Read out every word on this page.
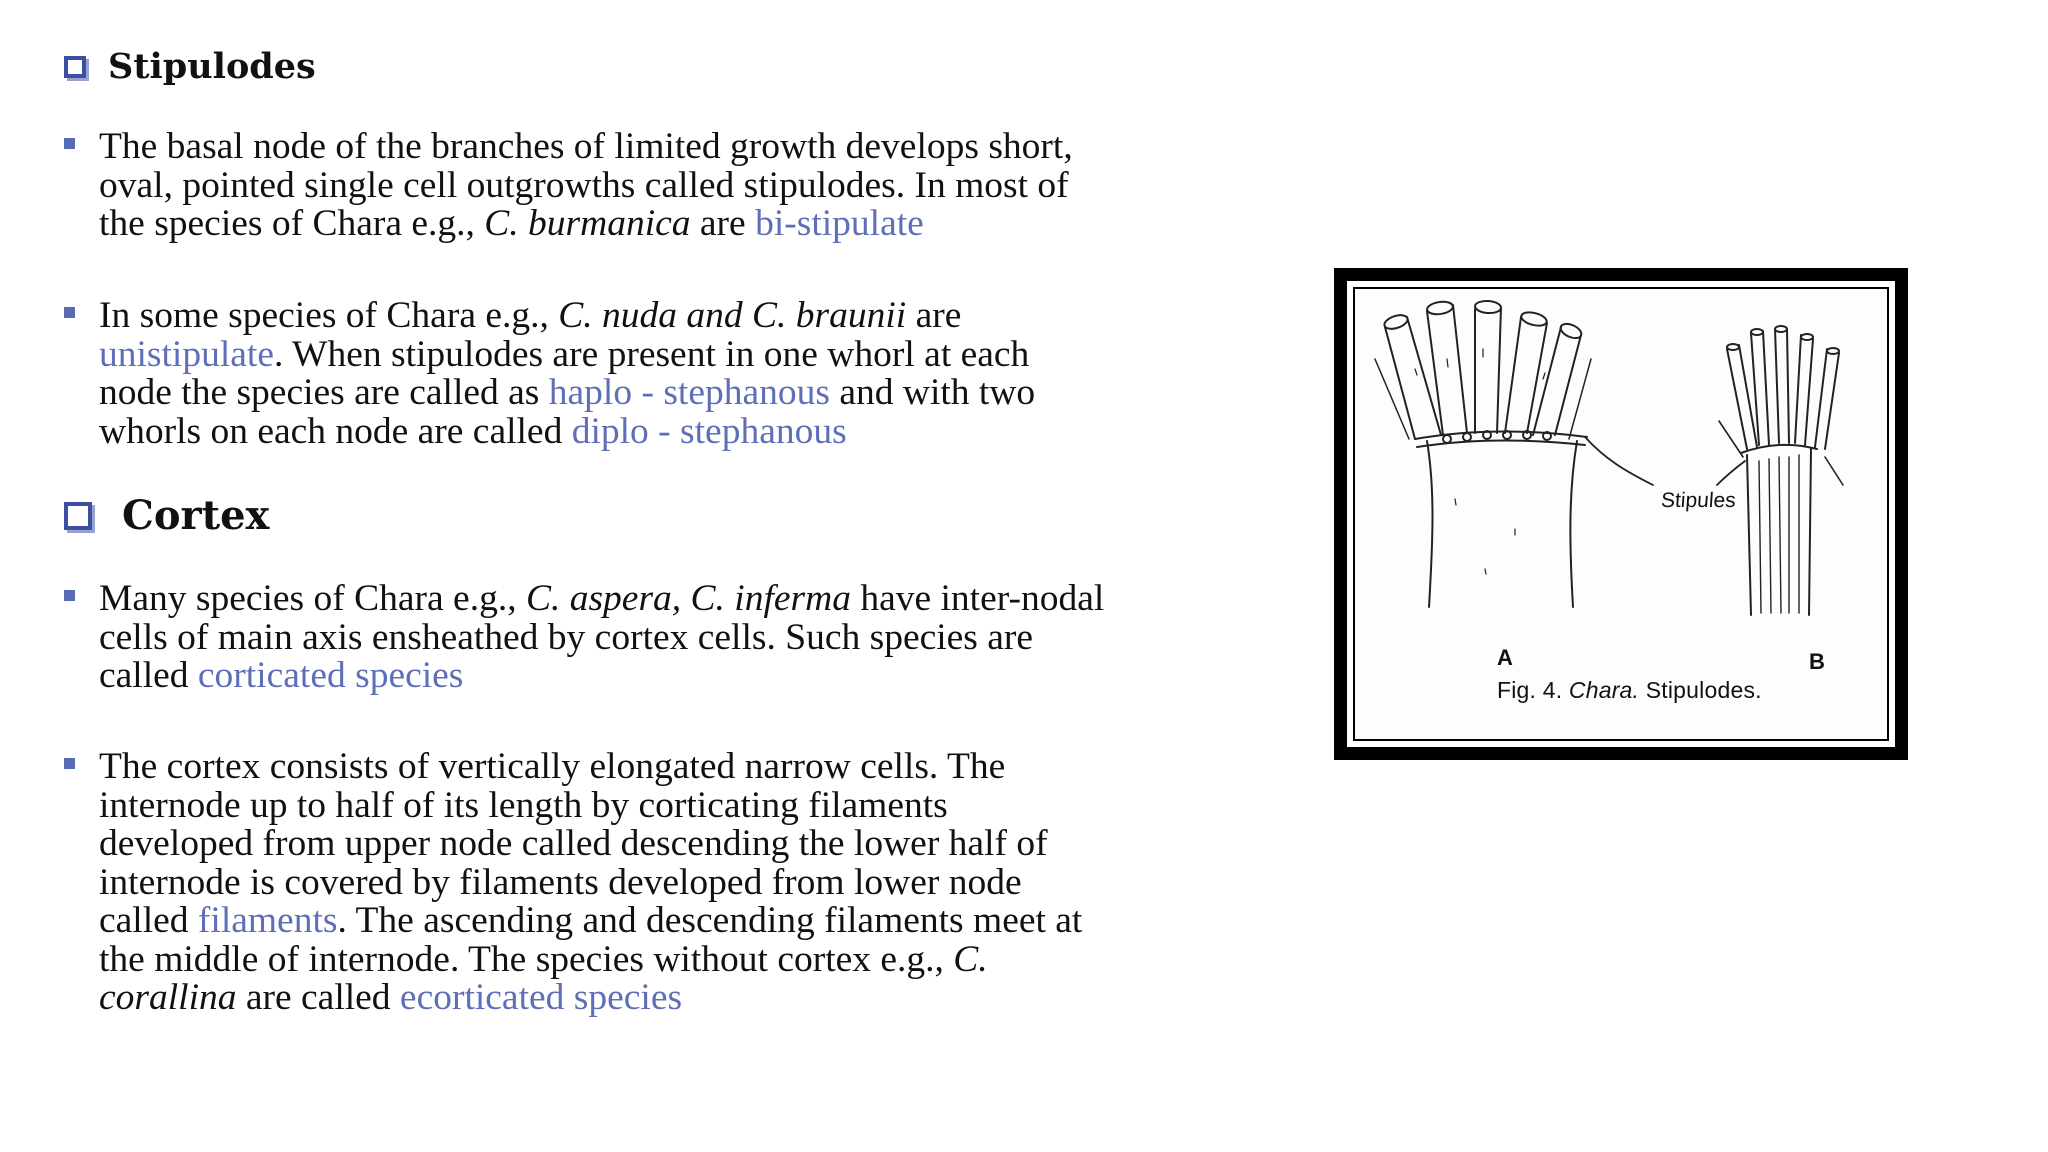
Stipulodes
The basal node of the branches of limited growth develops short,
oval, pointed single cell outgrowths called stipulodes. In most of
the species of Chara e.g., C. burmanica are bi-stipulate
In some species of Chara e.g., C. nuda and C. braunii are
unistipulate. When stipulodes are present in one whorl at each
node the species are called as haplo - stephanous and with two
whorls on each node are called diplo - stephanous
Cortex
Many species of Chara e.g., C. aspera, C. inferma have inter-nodal
cells of main axis ensheathed by cortex cells. Such species are
called corticated species
The cortex consists of vertically elongated narrow cells. The
internode up to half of its length by corticating filaments
developed from upper node called descending the lower half of
internode is covered by filaments developed from lower node
called filaments. The ascending and descending filaments meet at
the middle of internode. The species without cortex e.g., C.
corallina are called ecorticated species
Stipules
A	B
Fig. 4. Chara. Stipulodes.
